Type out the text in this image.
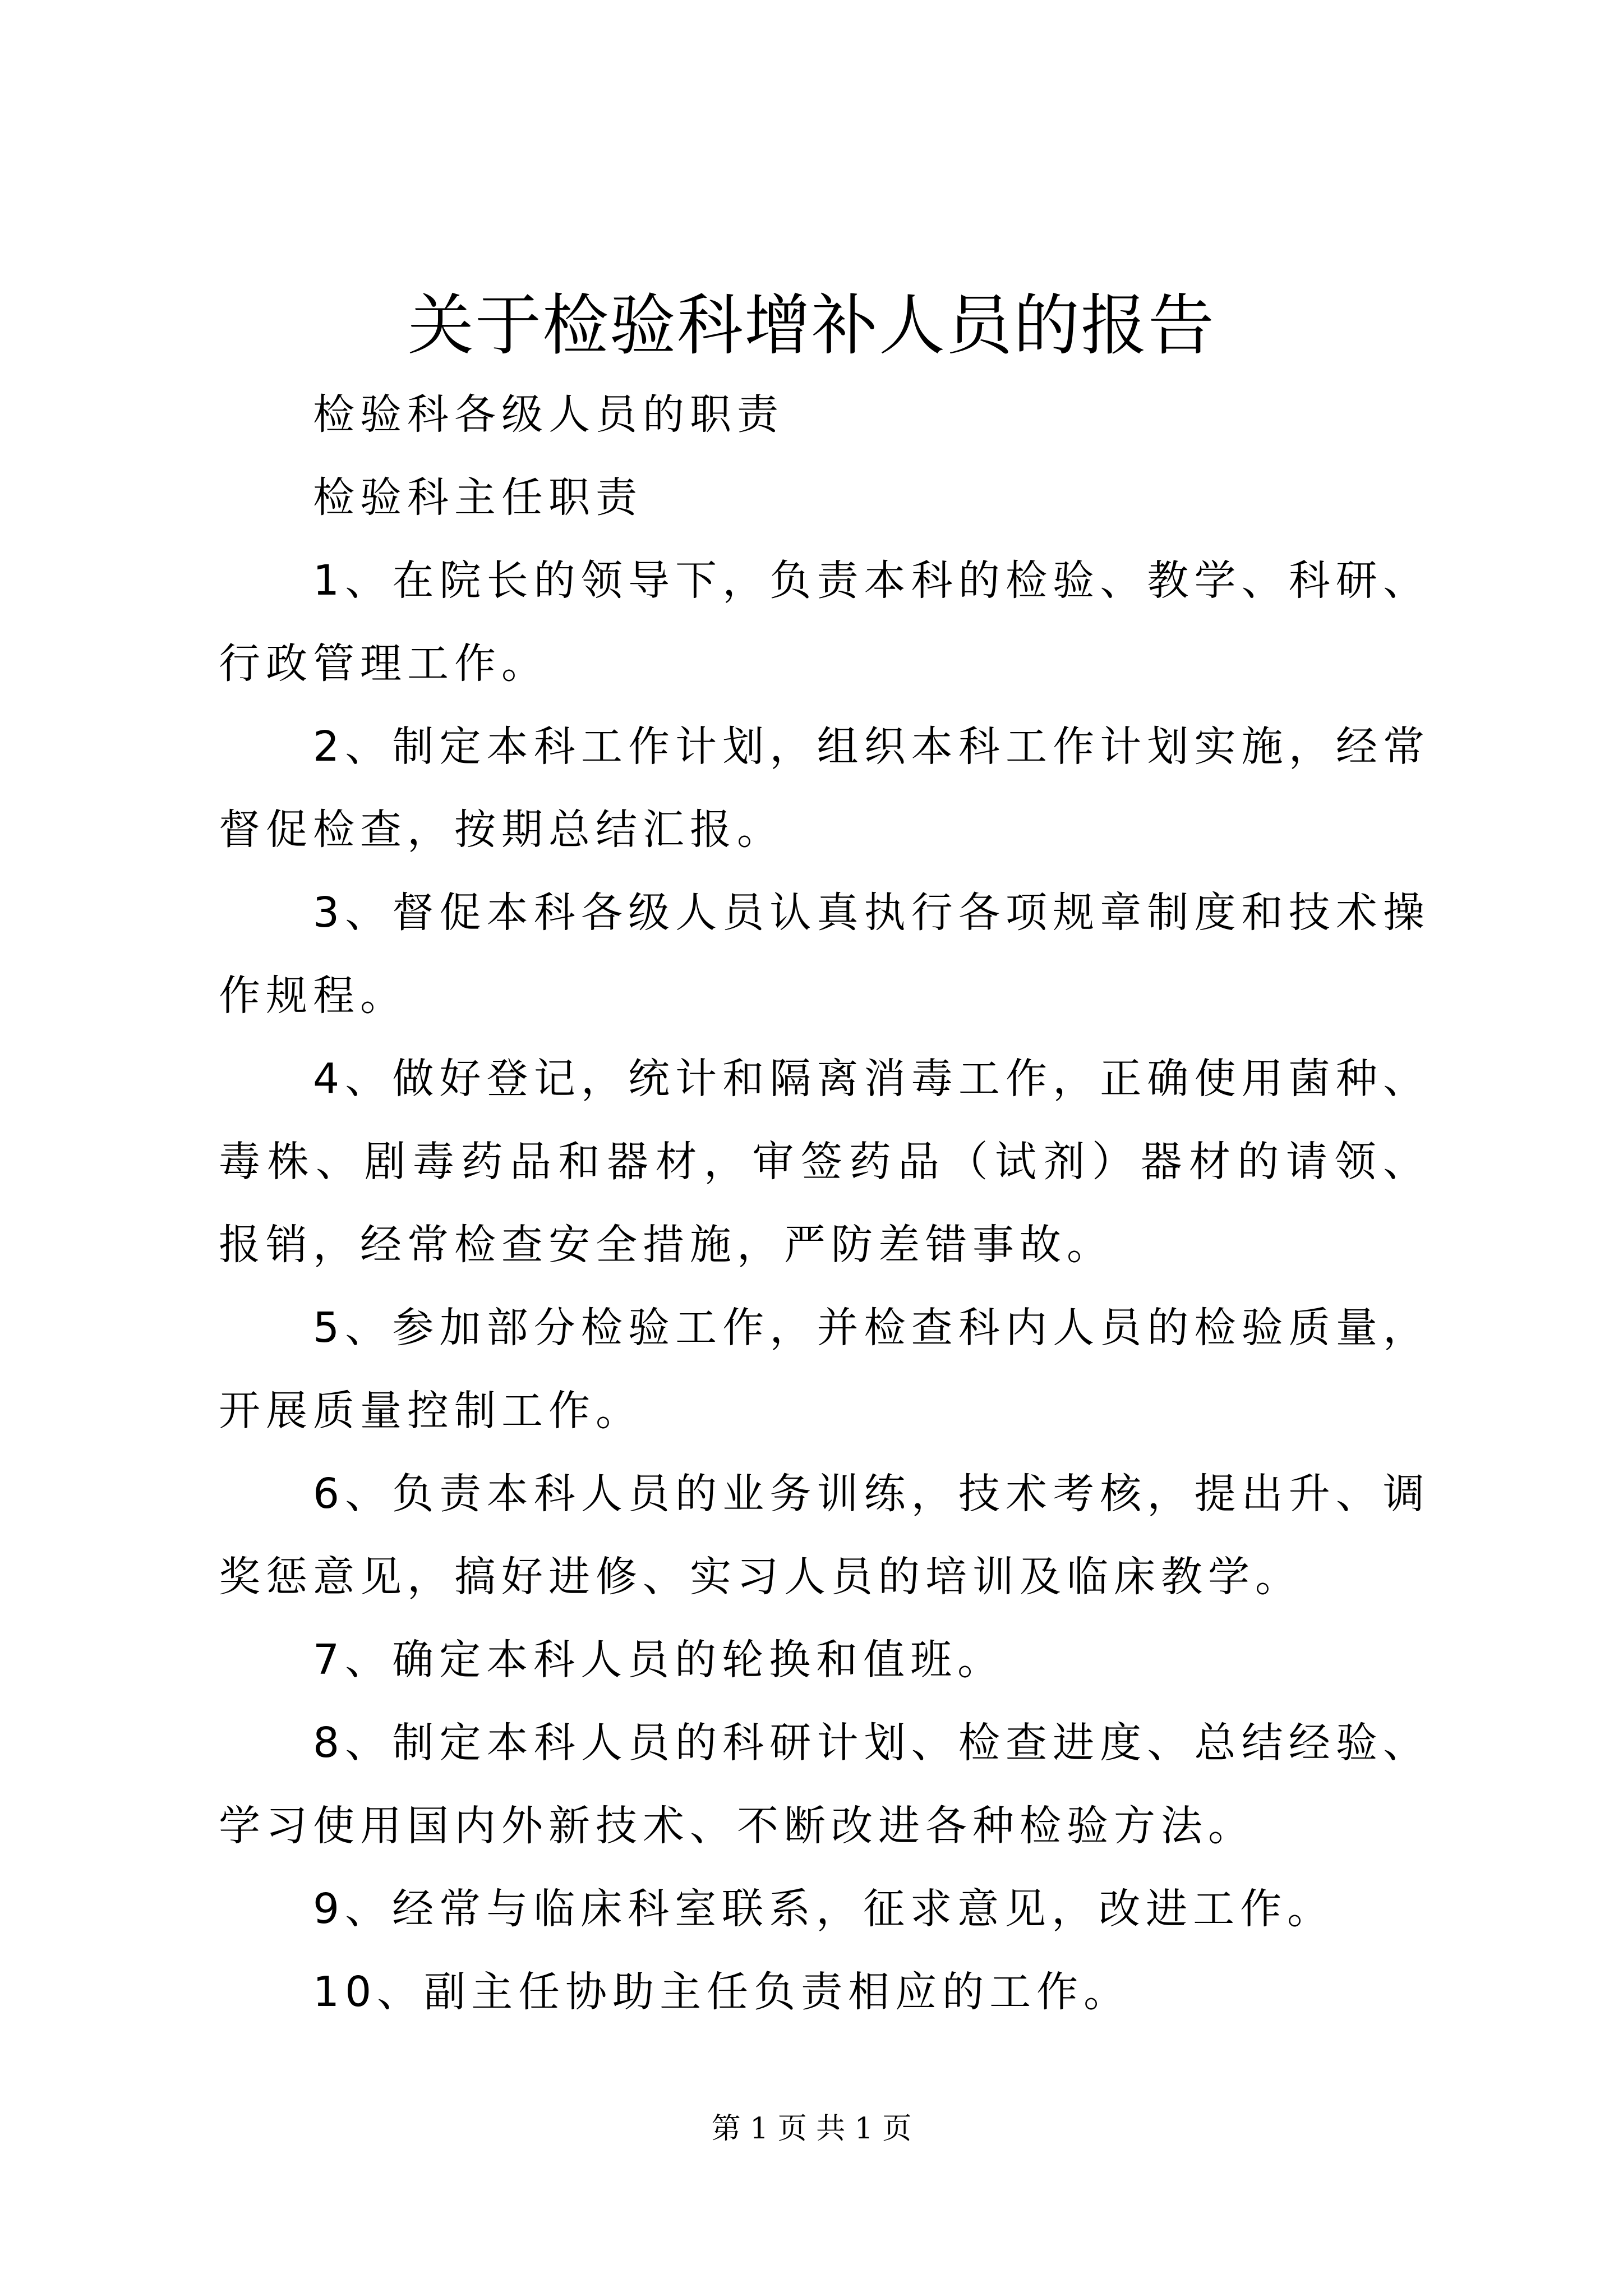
关于检验科增补人员的报告

检验科各级人员的职责

检验科主任职责

1、在院长的领导下，负责本科的检验、教学、科研、行政管理工作。

2、制定本科工作计划，组织本科工作计划实施，经常督促检查，按期总结汇报。

3、督促本科各级人员认真执行各项规章制度和技术操作规程。

4、做好登记，统计和隔离消毒工作，正确使用菌种、毒株、剧毒药品和器材，审签药品（试剂）器材的请领、报销，经常检查安全措施，严防差错事故。

5、参加部分检验工作，并检查科内人员的检验质量，开展质量控制工作。

6、负责本科人员的业务训练，技术考核，提出升、调奖惩意见，搞好进修、实习人员的培训及临床教学。

7、确定本科人员的轮换和值班。

8、制定本科人员的科研计划、检查进度、总结经验、学习使用国内外新技术、不断改进各种检验方法。

9、经常与临床科室联系，征求意见，改进工作。

10、副主任协助主任负责相应的工作。

第 1 页 共 1 页
